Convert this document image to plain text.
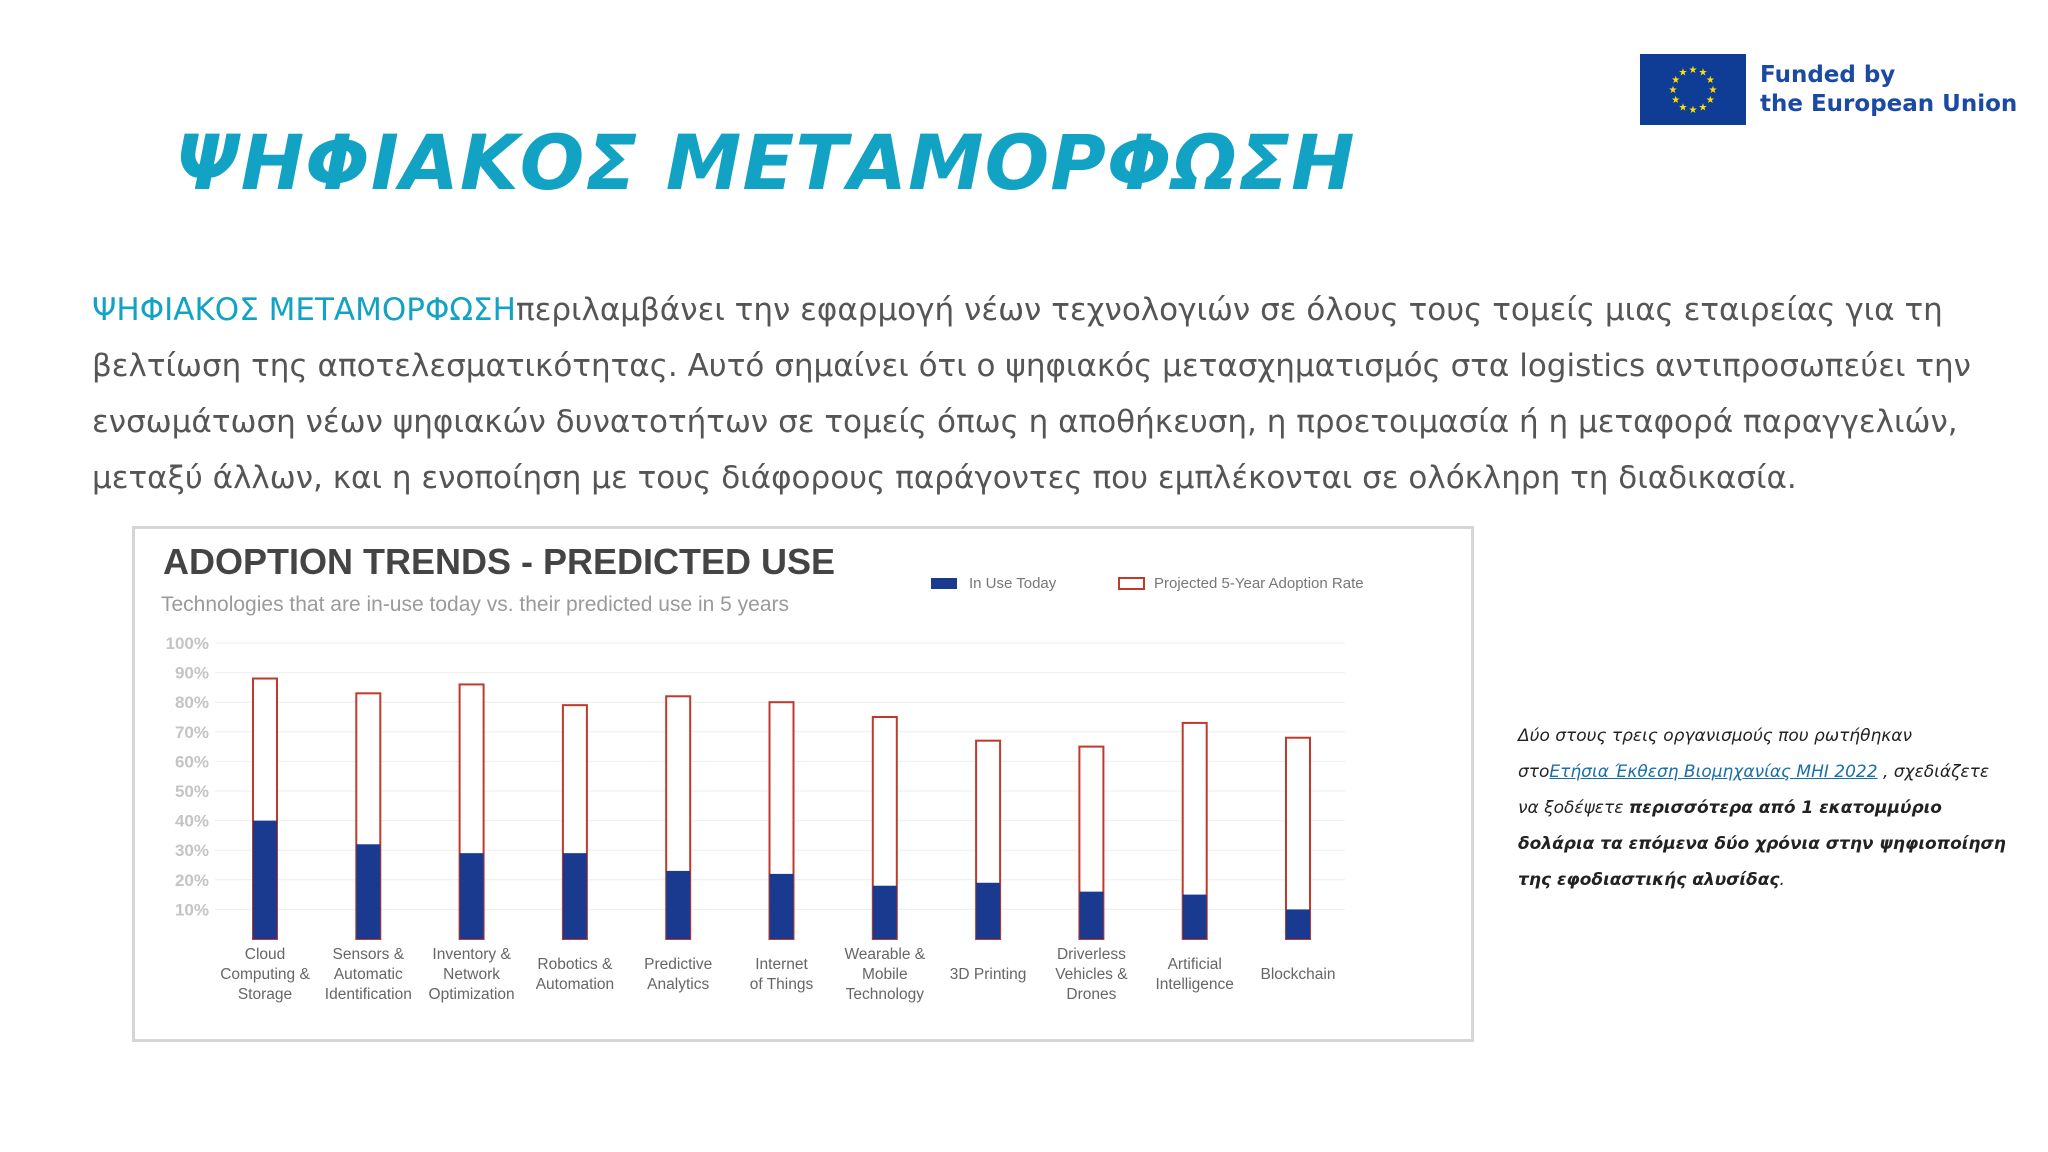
ΨΗΦΙΑΚΟΣ ΜΕΤΑΜΟΡΦΩΣΗ
★ ★
★
★
★
★
★
★
★
★
★
★	Funded by
the European Union

ΨΗΦΙΑΚΟΣ ΜΕΤΑΜΟΡΦΩΣΗπεριλαμβάνει την εφαρμογή νέων τεχνολογιών σε όλους τους τομείς μιας εταιρείας για τη βελτίωση της αποτελεσματικότητας. Αυτό σημαίνει ότι ο ψηφιακός μετασχηματισμός στα logistics αντιπροσωπεύει την ενσωμάτωση νέων ψηφιακών δυνατοτήτων σε τομείς όπως η αποθήκευση, η προετοιμασία ή η μεταφορά παραγγελιών, μεταξύ άλλων, και η ενοποίηση με τους διάφορους παράγοντες που εμπλέκονται σε ολόκληρη τη διαδικασία.

ADOPTION TRENDS - PREDICTED USE
Technologies that are in-use today vs. their predicted use in 5 years
In Use Today	Projected 5-Year Adoption Rate
10%
20%
30%
40%
50%
60%
70%
80%
90%
100%
Cloud
Computing &
Storage
Sensors &
Automatic
Identification
Inventory &
Network
Optimization
Robotics &
Automation
Predictive
Analytics
Internet
of Things
Wearable &
Mobile
Technology
3D Printing
Driverless
Vehicles &
Drones
Artificial
Intelligence
Blockchain

Δύο στους τρεις οργανισμούς που ρωτήθηκαν στοΕτήσια Έκθεση Βιομηχανίας MHI 2022 , σχεδιάζετε να ξοδέψετε περισσότερα από 1 εκατομμύριο δολάρια τα επόμενα δύο χρόνια στην ψηφιοποίηση της εφοδιαστικής αλυσίδας.
